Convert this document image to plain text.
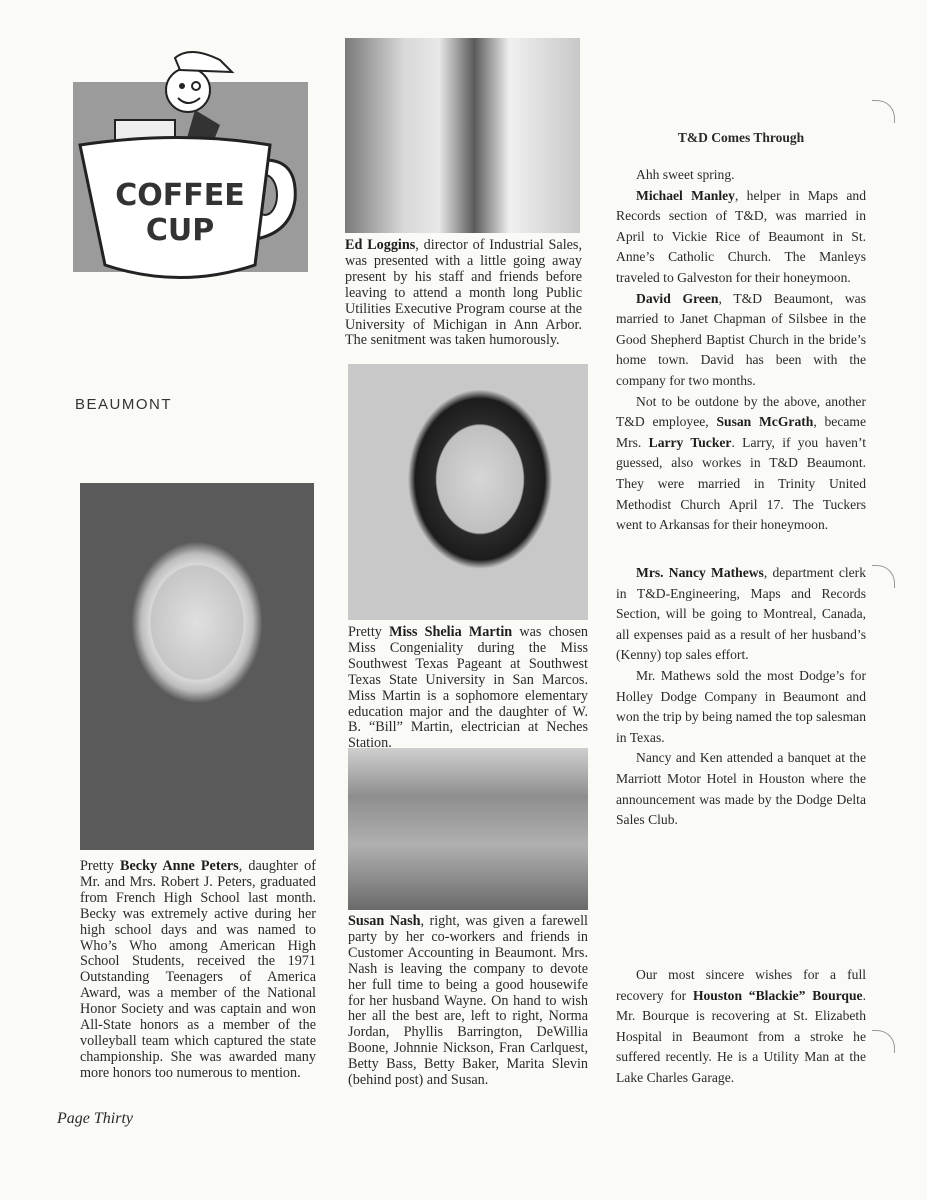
COFFEE
CUP
BEAUMONT

Ed Loggins, director of Industrial Sales, was presented with a little going away present by his staff and friends before leaving to attend a month long Public Utilities Executive Program course at the University of Michigan in Ann Arbor. The senitment was taken humorously.

Pretty Miss Shelia Martin was chosen Miss Congeniality during the Miss Southwest Texas Pageant at Southwest Texas State University in San Marcos. Miss Martin is a sophomore elementary education major and the daughter of W. B. “Bill” Martin, electrician at Neches Station.

Susan Nash, right, was given a farewell party by her co-workers and friends in Customer Accounting in Beaumont. Mrs. Nash is leaving the company to devote her full time to being a good housewife for her husband Wayne. On hand to wish her all the best are, left to right, Norma Jordan, Phyllis Barrington, DeWillia Boone, Johnnie Nickson, Fran Carlquest, Betty Bass, Betty Baker, Marita Slevin (behind post) and Susan.

Pretty Becky Anne Peters, daughter of Mr. and Mrs. Robert J. Peters, graduated from French High School last month. Becky was extremely active during her high school days and was named to Who’s Who among American High School Students, received the 1971 Outstanding Teenagers of America Award, was a member of the National Honor Society and was captain and won All-State honors as a member of the volleyball team which captured the state championship. She was awarded many more honors too numerous to mention.

T&D Comes Through

Ahh sweet spring.

Michael Manley, helper in Maps and Records section of T&D, was married in April to Vickie Rice of Beaumont in St. Anne’s Catholic Church. The Manleys traveled to Galveston for their honeymoon.

David Green, T&D Beaumont, was married to Janet Chapman of Silsbee in the Good Shepherd Baptist Church in the bride’s home town. David has been with the company for two months.

Not to be outdone by the above, another T&D employee, Susan McGrath, became Mrs. Larry Tucker. Larry, if you haven’t guessed, also workes in T&D Beaumont. They were married in Trinity United Methodist Church April 17. The Tuckers went to Arkansas for their honeymoon.

Mrs. Nancy Mathews, department clerk in T&D-Engineering, Maps and Records Section, will be going to Montreal, Canada, all expenses paid as a result of her husband’s (Kenny) top sales effort.

Mr. Mathews sold the most Dodge’s for Holley Dodge Company in Beaumont and won the trip by being named the top salesman in Texas.

Nancy and Ken attended a banquet at the Marriott Motor Hotel in Houston where the announcement was made by the Dodge Delta Sales Club.

Our most sincere wishes for a full recovery for Houston “Blackie” Bourque. Mr. Bourque is recovering at St. Elizabeth Hospital in Beaumont from a stroke he suffered recently. He is a Utility Man at the Lake Charles Garage.

Page Thirty
